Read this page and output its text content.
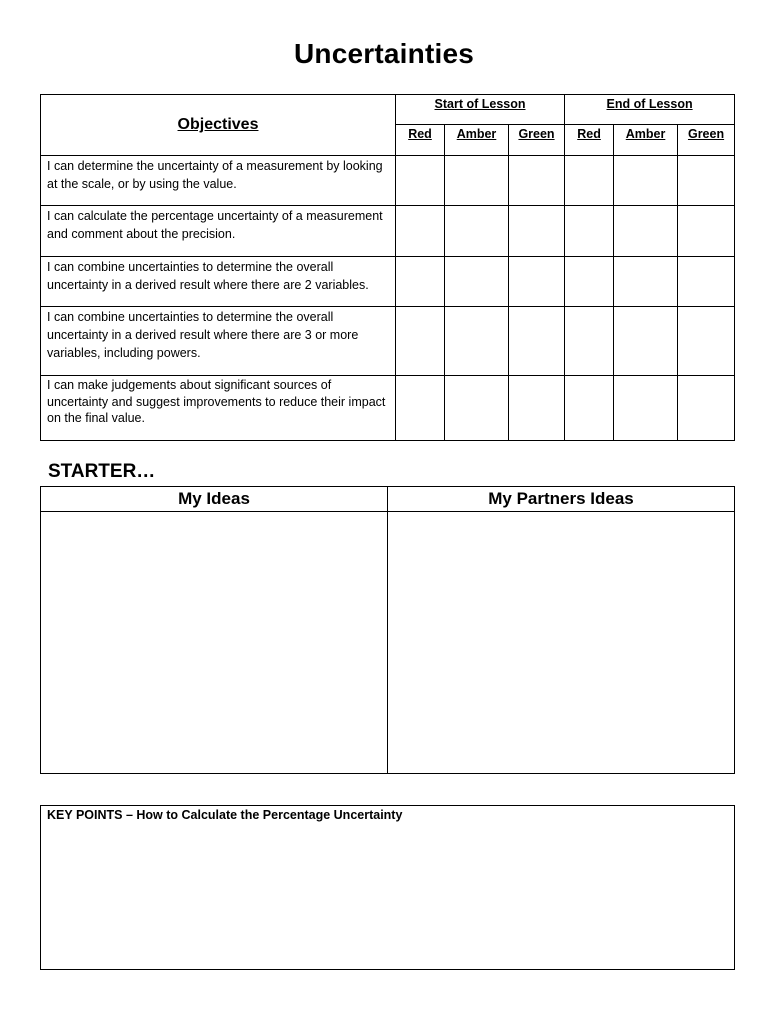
Uncertainties
Objectives	Start of Lesson			End of Lesson		
	Red	Amber	Green	Red	Amber	Green
I can determine the uncertainty of a measurement by looking at the scale, or by using the value.						
I can calculate the percentage uncertainty of a measurement and comment about the precision.						
I can combine uncertainties to determine the overall uncertainty in a derived result where there are 2 variables.						
I can combine uncertainties to determine the overall uncertainty in a derived result where there are 3 or more variables, including powers.						
I can make judgements about significant sources of uncertainty and suggest improvements to reduce their impact on the final value.						
STARTER…
My Ideas	My Partners Ideas

KEY POINTS – How to Calculate the Percentage Uncertainty
